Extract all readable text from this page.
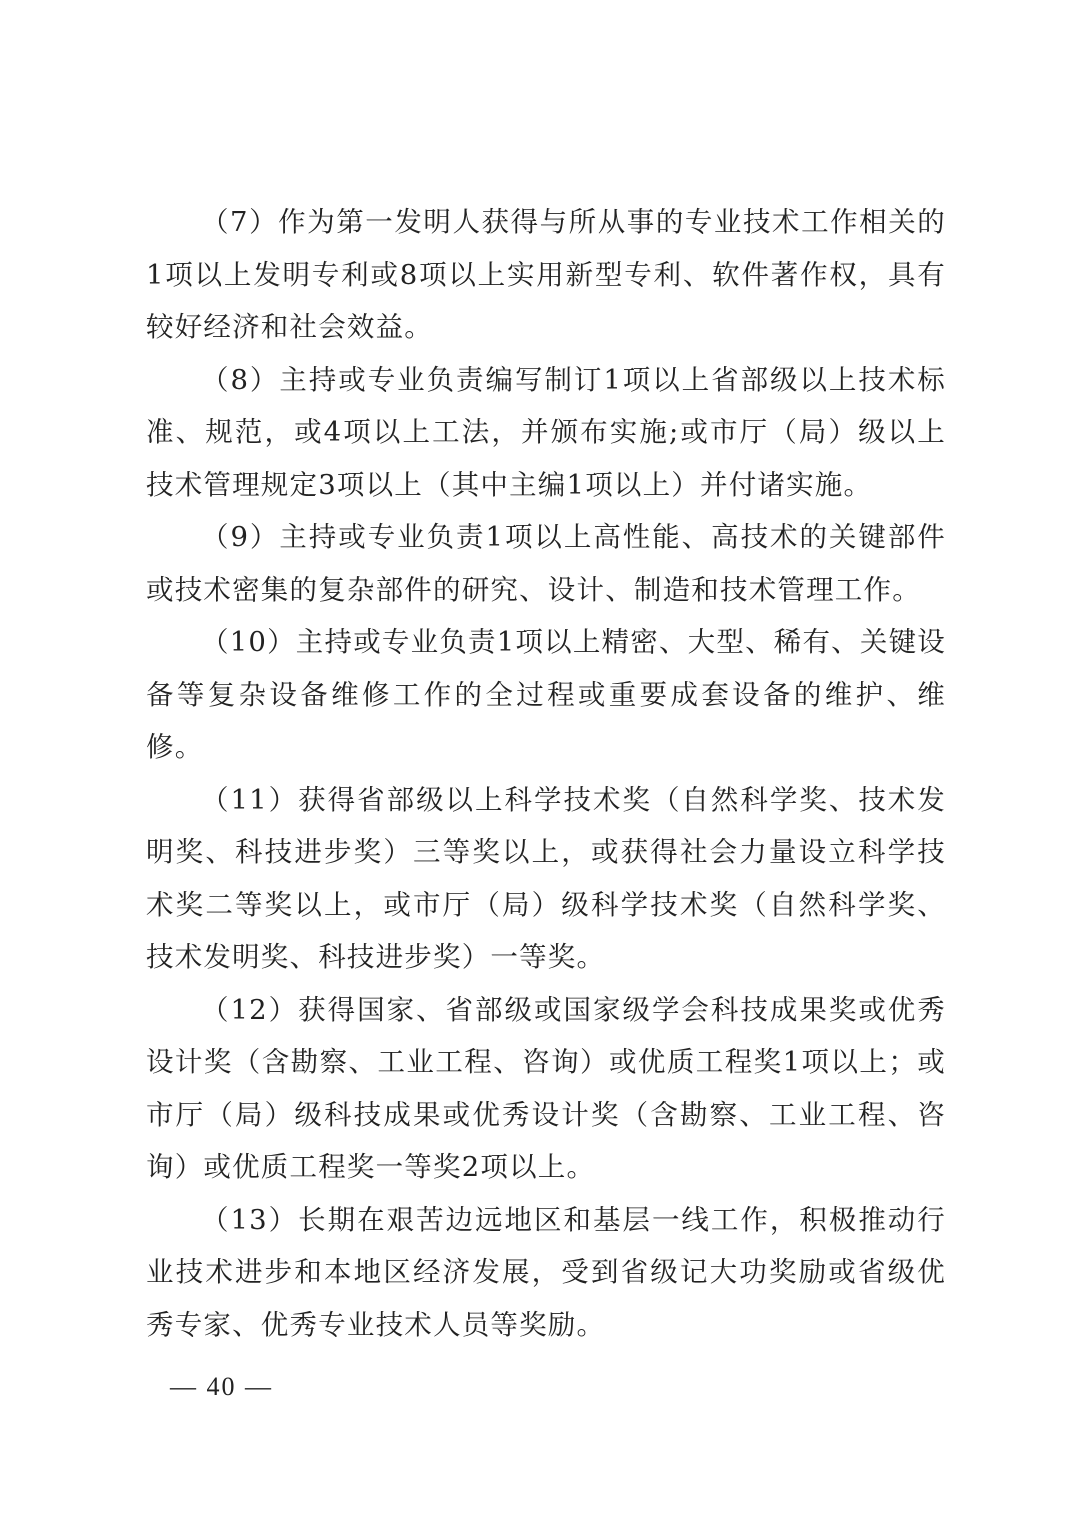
（7）作为第一发明人获得与所从事的专业技术工作相关的1项以上发明专利或8项以上实用新型专利、软件著作权，具有较好经济和社会效益。

（8）主持或专业负责编写制订1项以上省部级以上技术标准、规范，或4项以上工法，并颁布实施;或市厅（局）级以上技术管理规定3项以上（其中主编1项以上）并付诸实施。

（9）主持或专业负责1项以上高性能、高技术的关键部件或技术密集的复杂部件的研究、设计、制造和技术管理工作。

（10）主持或专业负责1项以上精密、大型、稀有、关键设备等复杂设备维修工作的全过程或重要成套设备的维护、维修。

（11）获得省部级以上科学技术奖（自然科学奖、技术发明奖、科技进步奖）三等奖以上，或获得社会力量设立科学技术奖二等奖以上，或市厅（局）级科学技术奖（自然科学奖、技术发明奖、科技进步奖）一等奖。

（12）获得国家、省部级或国家级学会科技成果奖或优秀设计奖（含勘察、工业工程、咨询）或优质工程奖1项以上；或市厅（局）级科技成果或优秀设计奖（含勘察、工业工程、咨询）或优质工程奖一等奖2项以上。

（13）长期在艰苦边远地区和基层一线工作，积极推动行业技术进步和本地区经济发展，受到省级记大功奖励或省级优秀专家、优秀专业技术人员等奖励。

— 40 —
